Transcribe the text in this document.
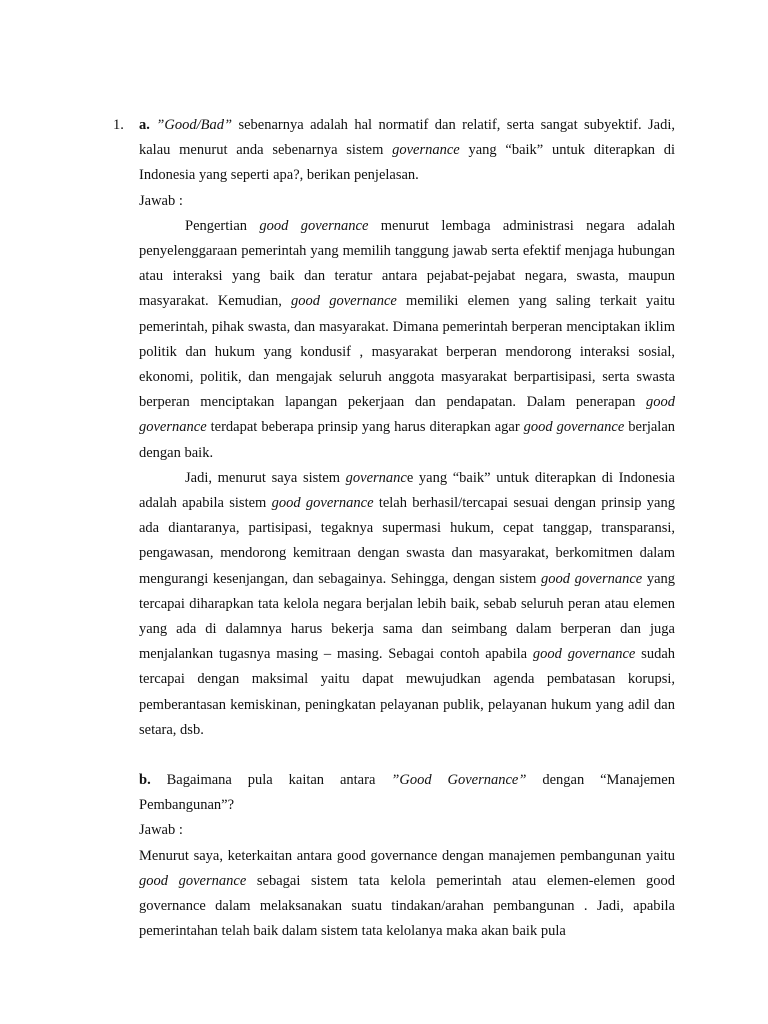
1. a. ”Good/Bad” sebenarnya adalah hal normatif dan relatif, serta sangat subyektif. Jadi, kalau menurut anda sebenarnya sistem governance yang “baik” untuk diterapkan di Indonesia yang seperti apa?, berikan penjelasan.

Jawab :

Pengertian good governance menurut lembaga administrasi negara adalah penyelenggaraan pemerintah yang memilih tanggung jawab serta efektif menjaga hubungan atau interaksi yang baik dan teratur antara pejabat-pejabat negara, swasta, maupun masyarakat. Kemudian, good governance memiliki elemen yang saling terkait yaitu pemerintah, pihak swasta, dan masyarakat. Dimana pemerintah berperan menciptakan iklim politik dan hukum yang kondusif , masyarakat berperan mendorong interaksi sosial, ekonomi, politik, dan mengajak seluruh anggota masyarakat berpartisipasi, serta swasta berperan menciptakan lapangan pekerjaan dan pendapatan. Dalam penerapan good governance terdapat beberapa prinsip yang harus diterapkan agar good governance berjalan dengan baik.

Jadi, menurut saya sistem governance yang “baik” untuk diterapkan di Indonesia adalah apabila sistem good governance telah berhasil/tercapai sesuai dengan prinsip yang ada diantaranya, partisipasi, tegaknya supermasi hukum, cepat tanggap, transparansi, pengawasan, mendorong kemitraan dengan swasta dan masyarakat, berkomitmen dalam mengurangi kesenjangan, dan sebagainya. Sehingga, dengan sistem good governance yang tercapai diharapkan tata kelola negara berjalan lebih baik, sebab seluruh peran atau elemen yang ada di dalamnya harus bekerja sama dan seimbang dalam berperan dan juga menjalankan tugasnya masing – masing. Sebagai contoh apabila good governance sudah tercapai dengan maksimal yaitu dapat mewujudkan agenda pembatasan korupsi, pemberantasan kemiskinan, peningkatan pelayanan publik, pelayanan hukum yang adil dan setara, dsb.

b. Bagaimana pula kaitan antara ”Good Governance” dengan “Manajemen Pembangunan”?

Jawab :

Menurut saya, keterkaitan antara good governance dengan manajemen pembangunan yaitu good governance sebagai sistem tata kelola pemerintah atau elemen-elemen good governance dalam melaksanakan suatu tindakan/arahan pembangunan . Jadi, apabila pemerintahan telah baik dalam sistem tata kelolanya maka akan baik pula
